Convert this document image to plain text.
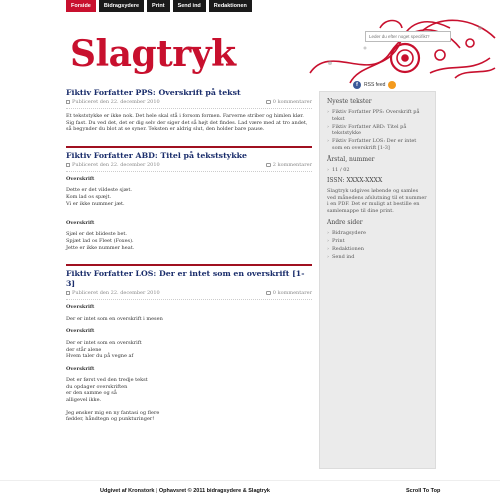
Forside	Bidragsydere	Print	Send ind	Redaktionen
Slagtryk	Leder du efter noget specifikt?
f	RSS feed
Fiktiv Forfatter PPS: Overskrift på tekst
Publiceret den 22. december 2010	0 kommentarer

Et tekststykke er ikke nok. Det hele skal stå i forsom formen. Farverne striber og himlen klør. Sig fast. Du ved det, det er dig selv der siger det så højt det findes. Lad være med at tro andet, så begynder du blot at se syner. Teksten er aldrig slut, den holder bare pause.

Fiktiv Forfatter ABD: Titel på tekststykke
Publiceret den 22. december 2010	2 kommentarer
Overskrift

Dette er det vildeste sjæt.
Kom lad os spæjt.
Vi er ikke nummer jæt.

Overskrift

Sjæl er det blideste bet.
Spjæt lad os Fleet (Foxes).
Jette er ikke nummer heat.

Fiktiv Forfatter LOS: Der er intet som en overskrift [1-3]
Publiceret den 22. december 2010	0 kommentarer
Overskrift

Der er intet som en overskrift i mesen

Overskrift

Der er intet som en overskrift
der står alene
Hvem taler du på vegne af

Overskrift

Det er først ved den tredje tekst
du opdager overskriften
er den samme og så
alligevel ikke.

Jeg ønsker mig en ny fantasi og flere
fødder, håndtegn og punkturinger!

Nyeste tekster
› Fiktiv Forfatter PPS: Overskrift på tekst
› Fiktiv Forfatter ABD: Titel på tekststykke
› Fiktiv Forfatter LOS: Der er intet som en overskrift [1-3]
Årstal, nummer
› 11 / 02
ISSN: XXXX-XXXX
Slagtryk udgives løbende og samles ved månedens afslutning til et nummer i en PDF. Det er muligt at bestille en samlemappe til dine print.
Andre sider
› Bidragsydere
› Print
› Redaktionen
› Send ind
Udgivet af Kronstork | Ophavsret © 2011 bidragsydere & Slagtryk	Scroll To Top
